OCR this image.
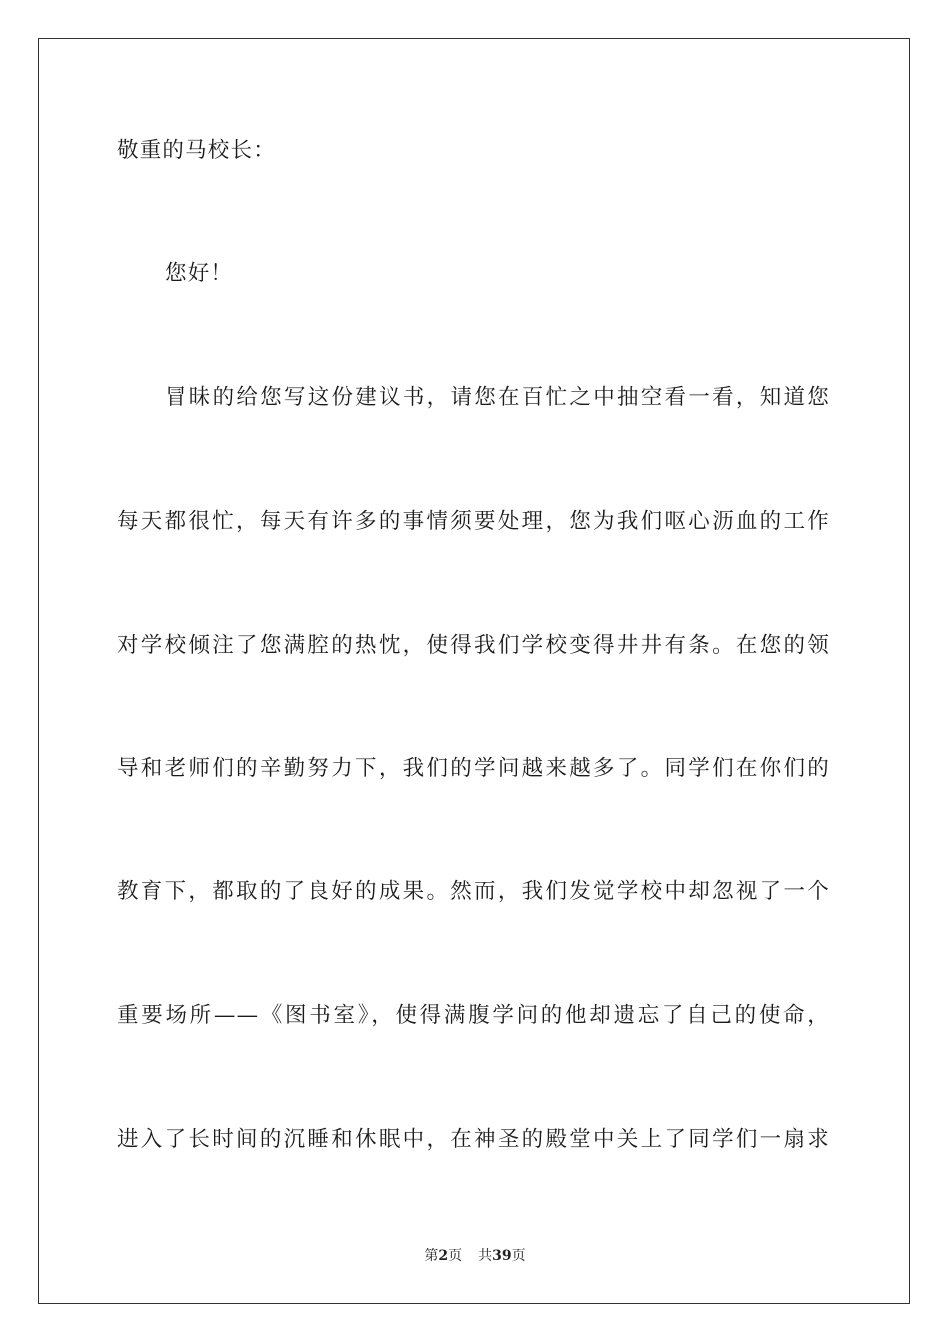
敬重的马校长：
您好！
冒昧的给您写这份建议书，请您在百忙之中抽空看一看，知道您
每天都很忙，每天有许多的事情须要处理，您为我们呕心沥血的工作
对学校倾注了您满腔的热忱，使得我们学校变得井井有条。在您的领
导和老师们的辛勤努力下，我们的学问越来越多了。同学们在你们的
教育下，都取的了良好的成果。然而，我们发觉学校中却忽视了一个
重要场所——《图书室》，使得满腹学问的他却遗忘了自己的使命，
进入了长时间的沉睡和休眠中，在神圣的殿堂中关上了同学们一扇求
第2页 共39页
